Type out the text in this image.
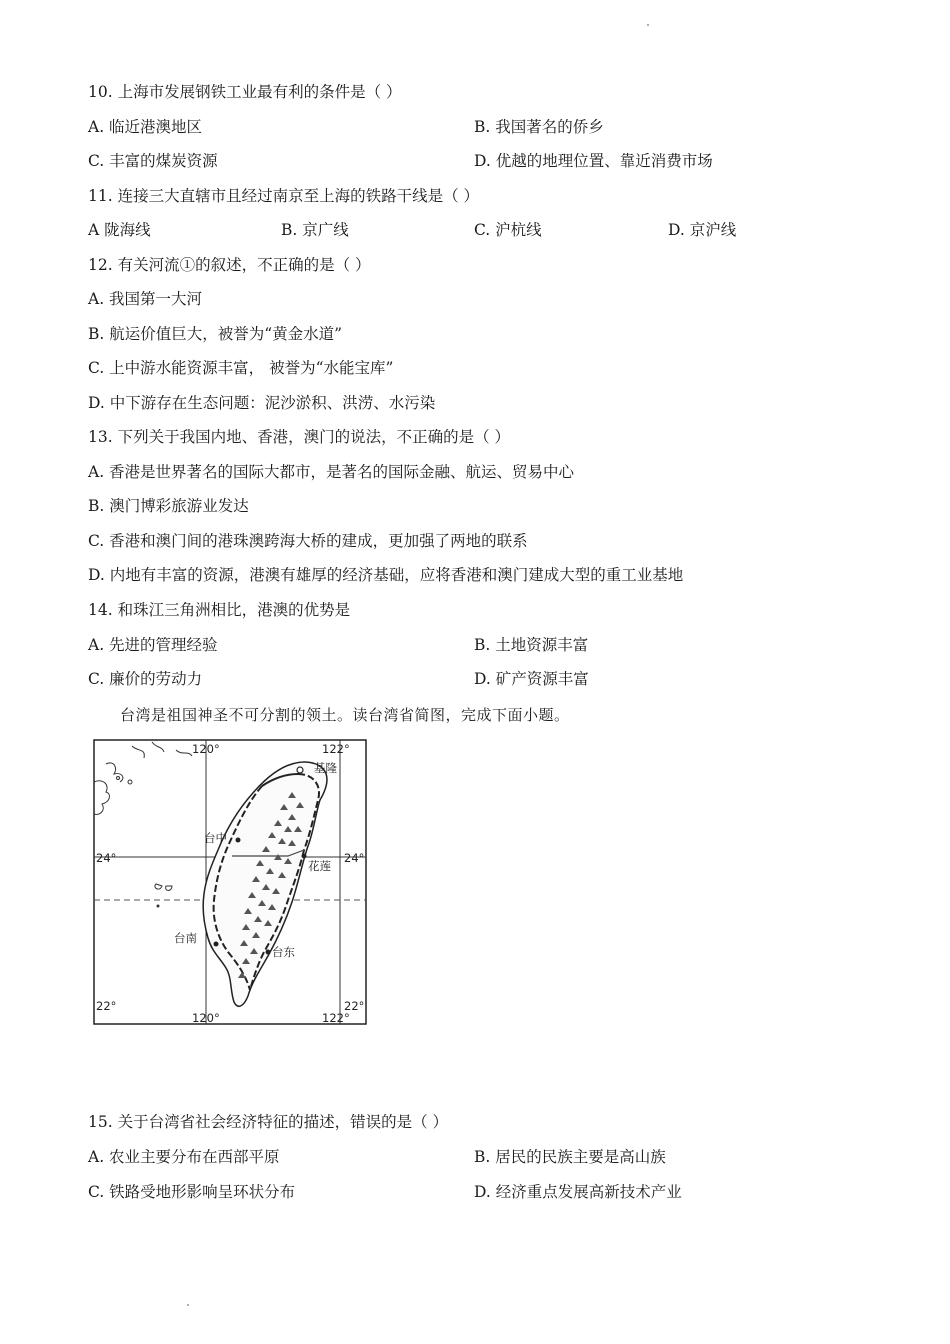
10. 上海市发展钢铁工业最有利的条件是（ ）
A. 临近港澳地区	B. 我国著名的侨乡
C. 丰富的煤炭资源	D. 优越的地理位置、靠近消费市场
11. 连接三大直辖市且经过南京至上海的铁路干线是（ ）
A 陇海线	B. 京广线	C. 沪杭线	D. 京沪线
12. 有关河流①的叙述，不正确的是（ ）
A. 我国第一大河
B. 航运价值巨大，被誉为“黄金水道”
C. 上中游水能资源丰富， 被誉为“水能宝库”
D. 中下游存在生态问题：泥沙淤积、洪涝、水污染
13. 下列关于我国内地、香港，澳门的说法，不正确的是（ ）
A. 香港是世界著名的国际大都市，是著名的国际金融、航运、贸易中心
B. 澳门博彩旅游业发达
C. 香港和澳门间的港珠澳跨海大桥的建成，更加强了两地的联系
D. 内地有丰富的资源，港澳有雄厚的经济基础，应将香港和澳门建成大型的重工业基地
14. 和珠江三角洲相比，港澳的优势是
A. 先进的管理经验	B. 土地资源丰富
C. 廉价的劳动力	D. 矿产资源丰富
台湾是祖国神圣不可分割的领土。读台湾省简图，完成下面小题。
120°	122°
120°	122°
24°	24°
22°	22°
基隆
台中
花莲
台南
台东
15. 关于台湾省社会经济特征的描述，错误的是（ ）
A. 农业主要分布在西部平原	B. 居民的民族主要是高山族
C. 铁路受地形影响呈环状分布	D. 经济重点发展高新技术产业
